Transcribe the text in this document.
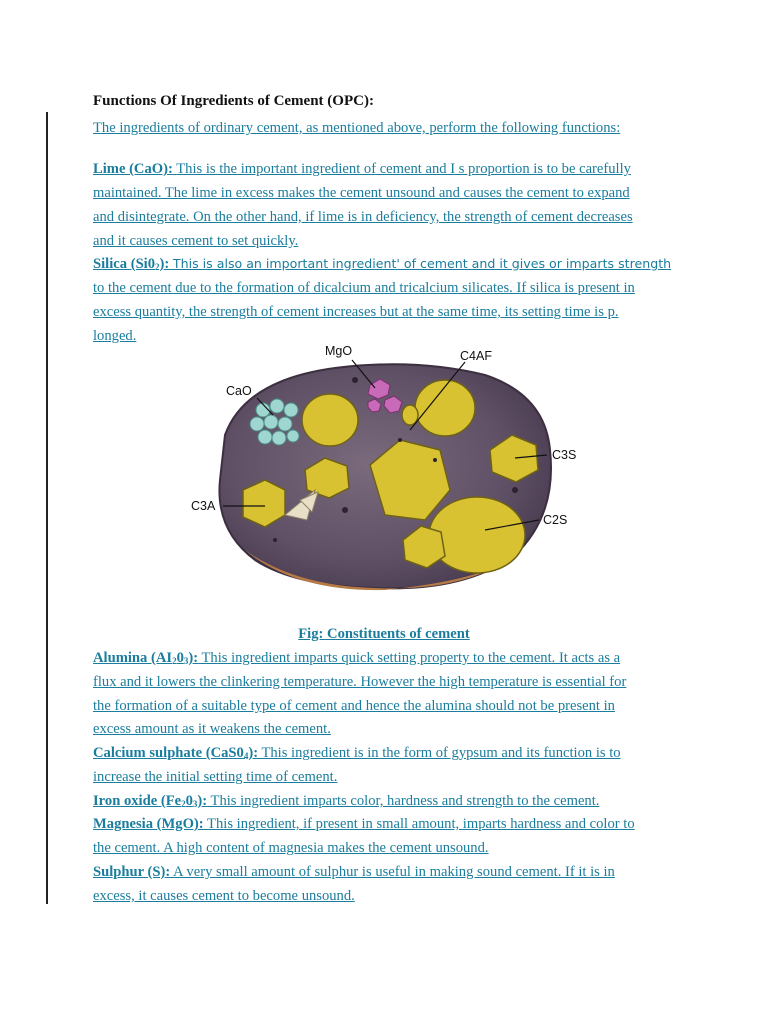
Functions Of Ingredients of Cement (OPC):
The ingredients of ordinary cement, as mentioned above, perform the following functions:
Lime (CaO): This is the important ingredient of cement and I s proportion is to be carefully
maintained. The lime in excess makes the cement unsound and causes the cement to expand
and disintegrate. On the other hand, if lime is in deficiency, the strength of cement decreases
and it causes cement to set quickly.
Silica $(Si0_2)$: This is also an important ingredient' of cement and it gives or imparts strength
to the cement due to the formation of dicalcium and tricalcium silicates. If silica is present in
excess quantity, the strength of cement increases but at the same time, its setting time is p.
longed.
MgO	C4AF
CaO
C3S
C3A
C2S
Fig: Constituents of cement
Alumina $(AI_20_3)$: This ingredient imparts quick setting property to the cement. It acts as a
flux and it lowers the clinkering temperature. However the high temperature is essential for
the formation of a suitable type of cement and hence the alumina should not be present in
excess amount as it weakens the cement.
Calcium sulphate $(CaS0_4)$: This ingredient is in the form of gypsum and its function is to
increase the initial setting time of cement.
Iron oxide $(Fe_20_3)$: This ingredient imparts color, hardness and strength to the cement.
Magnesia (MgO): This ingredient, if present in small amount, imparts hardness and color to
the cement. A high content of magnesia makes the cement unsound.
Sulphur (S): A very small amount of sulphur is useful in making sound cement. If it is in
excess, it causes cement to become unsound.
